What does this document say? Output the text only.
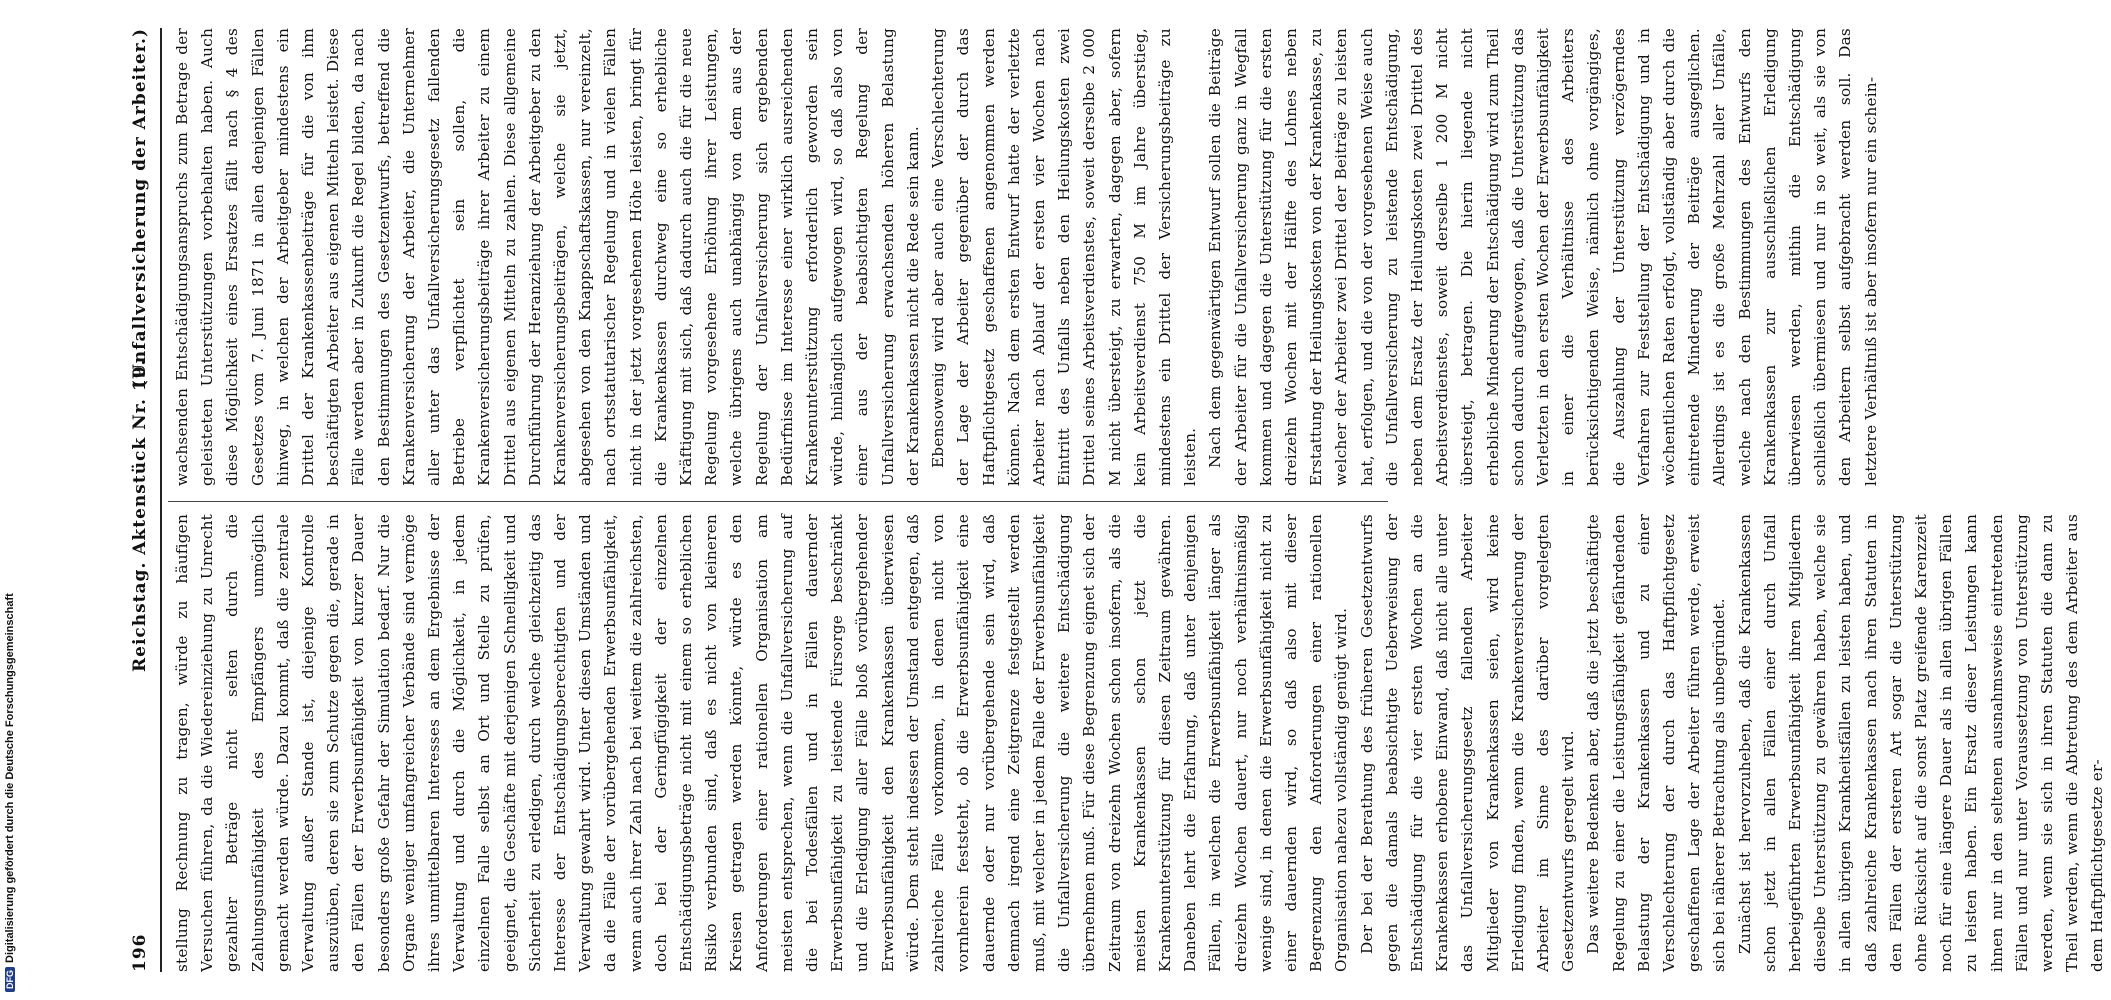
DFGDigitalisierung gefördert durch die Deutsche Forschungsgemeinschaft	196
Reichstag. Aktenstück Nr. 19.
(Unfallversicherung der Arbeiter.)

stellung Rechnung zu tragen, würde zu häufigen Versuchen führen, da die Wiedereinziehung zu Unrecht gezahlter Beträge nicht selten durch die Zahlungsunfähigkeit des Empfängers unmöglich gemacht werden würde. Dazu kommt, daß die zentrale Verwaltung außer Stande ist, diejenige Kontrolle auszuüben, deren sie zum Schutze gegen die, gerade in den Fällen der Erwerbsunfähigkeit von kurzer Dauer besonders große Gefahr der Simulation bedarf. Nur die Organe weniger umfangreicher Verbände sind vermöge ihres unmittelbaren Interesses an dem Ergebnisse der Verwaltung und durch die Möglichkeit, in jedem einzelnen Falle selbst an Ort und Stelle zu prüfen, geeignet, die Geschäfte mit derjenigen Schnelligkeit und Sicherheit zu erledigen, durch welche gleichzeitig das Interesse der Entschädigungsberechtigten und der Verwaltung gewahrt wird. Unter diesen Umständen und da die Fälle der vorübergehenden Erwerbsunfähigkeit, wenn auch ihrer Zahl nach bei weitem die zahlreichsten, doch bei der Geringfügigkeit der einzelnen Entschädigungsbeträge nicht mit einem so erheblichen Risiko verbunden sind, daß es nicht von kleineren Kreisen getragen werden könnte, würde es den Anforderungen einer rationellen Organisation am meisten entsprechen, wenn die Unfallversicherung auf die bei Todesfällen und in Fällen dauernder Erwerbsunfähigkeit zu leistende Fürsorge beschränkt und die Erledigung aller Fälle bloß vorübergehender Erwerbsunfähigkeit den Krankenkassen überwiesen würde. Dem steht indessen der Umstand entgegen, daß zahlreiche Fälle vorkommen, in denen nicht von vornherein feststeht, ob die Erwerbsunfähigkeit eine dauernde oder nur vorübergehende sein wird, daß demnach irgend eine Zeitgrenze festgestellt werden muß, mit welcher in jedem Falle der Erwerbsunfähigkeit die Unfallversicherung die weitere Entschädigung übernehmen muß. Für diese Begrenzung eignet sich der Zeitraum von dreizehn Wochen schon insofern, als die meisten Krankenkassen schon jetzt die Krankenunterstützung für diesen Zeitraum gewähren. Daneben lehrt die Erfahrung, daß unter denjenigen Fällen, in welchen die Erwerbsunfähigkeit länger als dreizehn Wochen dauert, nur noch verhältnismäßig wenige sind, in denen die Erwerbsunfähigkeit nicht zu einer dauernden wird, so daß also mit dieser Begrenzung den Anforderungen einer rationellen Organisation nahezu vollständig genügt wird. Der bei der Berathung des früheren Gesetzentwurfs gegen die damals beabsichtigte Ueberweisung der Entschädigung für die vier ersten Wochen an die Krankenkassen erhobene Einwand, daß nicht alle unter das Unfallversicherungsgesetz fallenden Arbeiter Mitglieder von Krankenkassen seien, wird keine Erledigung finden, wenn die Krankenversicherung der Arbeiter im Sinne des darüber vorgelegten Gesetzentwurfs geregelt wird. Das weitere Bedenken aber, daß die jetzt beschäftigte Regelung zu einer die Leistungsfähigkeit gefährdenden Belastung der Krankenkassen und zu einer Verschlechterung der durch das Haftpflichtgesetz geschaffenen Lage der Arbeiter führen werde, erweist sich bei näherer Betrachtung als unbegründet. Zunächst ist hervorzuheben, daß die Krankenkassen schon jetzt in allen Fällen einer durch Unfall herbeigeführten Erwerbsunfähigkeit ihren Mitgliedern dieselbe Unterstützung zu gewähren haben, welche sie in allen übrigen Krankheitsfällen zu leisten haben, und daß zahlreiche Krankenkassen nach ihren Statuten in den Fällen der ersteren Art sogar die Unterstützung ohne Rücksicht auf die sonst Platz greifende Karenzzeit noch für eine längere Dauer als in allen übrigen Fällen zu leisten haben. Ein Ersatz dieser Leistungen kann ihnen nur in den seltenen ausnahmsweise eintretenden Fällen und nur unter Voraussetzung von Unterstützung werden, wenn sie sich in ihren Statuten die dann zu Theil werden, wenn die Abtretung des dem Arbeiter aus dem Haftpflichtgesetze er-

wachsenden Entschädigungsanspruchs zum Betrage der geleisteten Unterstützungen vorbehalten haben. Auch diese Möglichkeit eines Ersatzes fällt nach § 4 des Gesetzes vom 7. Juni 1871 in allen denjenigen Fällen hinweg, in welchen der Arbeitgeber mindestens ein Drittel der Krankenkassenbeiträge für die von ihm beschäftigten Arbeiter aus eigenen Mitteln leistet. Diese Fälle werden aber in Zukunft die Regel bilden, da nach den Bestimmungen des Gesetzentwurfs, betreffend die Krankenversicherung der Arbeiter, die Unternehmer aller unter das Unfallversicherungsgesetz fallenden Betriebe verpflichtet sein sollen, die Krankenversicherungsbeiträge ihrer Arbeiter zu einem Drittel aus eigenen Mitteln zu zahlen. Diese allgemeine Durchführung der Heranziehung der Arbeitgeber zu den Krankenversicherungsbeiträgen, welche sie jetzt, abgesehen von den Knappschaftskassen, nur vereinzelt, nach ortsstatutarischer Regelung und in vielen Fällen nicht in der jetzt vorgesehenen Höhe leisten, bringt für die Krankenkassen durchweg eine so erhebliche Kräftigung mit sich, daß dadurch auch die für die neue Regelung vorgesehene Erhöhung ihrer Leistungen, welche übrigens auch unabhängig von dem aus der Regelung der Unfallversicherung sich ergebenden Bedürfnisse im Interesse einer wirklich ausreichenden Krankenunterstützung erforderlich geworden sein würde, hinlänglich aufgewogen wird, so daß also von einer aus der beabsichtigten Regelung der Unfallversicherung erwachsenden höheren Belastung der Krankenkassen nicht die Rede sein kann. Ebensowenig wird aber auch eine Verschlechterung der Lage der Arbeiter gegenüber der durch das Haftpflichtgesetz geschaffenen angenommen werden können. Nach dem ersten Entwurf hatte der verletzte Arbeiter nach Ablauf der ersten vier Wochen nach Eintritt des Unfalls neben den Heilungskosten zwei Drittel seines Arbeitsverdienstes, soweit derselbe 2 000 M nicht übersteigt, zu erwarten, dagegen aber, sofern kein Arbeitsverdienst 750 M im Jahre überstieg, mindestens ein Drittel der Versicherungsbeiträge zu leisten. Nach dem gegenwärtigen Entwurf sollen die Beiträge der Arbeiter für die Unfallversicherung ganz in Wegfall kommen und dagegen die Unterstützung für die ersten dreizehn Wochen mit der Hälfte des Lohnes neben Erstattung der Heilungskosten von der Krankenkasse, zu welcher der Arbeiter zwei Drittel der Beiträge zu leisten hat, erfolgen, und die von der vorgesehenen Weise auch die Unfallversicherung zu leistende Entschädigung, neben dem Ersatz der Heilungskosten zwei Drittel des Arbeitsverdienstes, soweit derselbe 1 200 M nicht übersteigt, betragen. Die hierin liegende nicht erhebliche Minderung der Entschädigung wird zum Theil schon dadurch aufgewogen, daß die Unterstützung das Verletzten in den ersten Wochen der Erwerbsunfähigkeit in einer die Verhältnisse des Arbeiters berücksichtigenden Weise, nämlich ohne vorgängiges, die Auszahlung der Unterstützung verzögerndes Verfahren zur Feststellung der Entschädigung und in wöchentlichen Raten erfolgt, vollständig aber durch die eintretende Minderung der Beiträge ausgeglichen. Allerdings ist es die große Mehrzahl aller Unfälle, welche nach den Bestimmungen des Entwurfs den Krankenkassen zur ausschließlichen Erledigung überwiesen werden, mithin die Entschädigung schließlich übermiesen und nur in so weit, als sie von den Arbeitern selbst aufgebracht werden soll. Das letztere Verhältniß ist aber insofern nur ein schein-
